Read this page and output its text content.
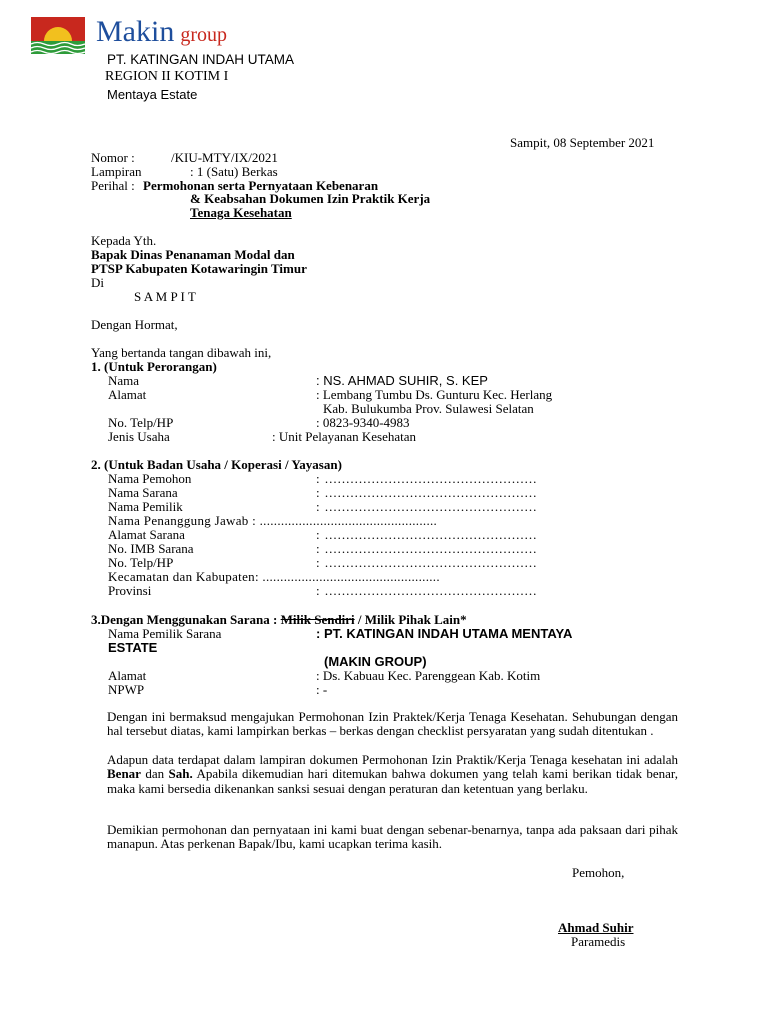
Makin group
PT. KATINGAN INDAH UTAMA
REGION II KOTIM I
Mentaya Estate
Sampit, 08 September 2021
Nomor :	/KIU-MTY/IX/2021
Lampiran	: 1 (Satu) Berkas
Perihal : Permohonan serta Pernyataan Kebenaran
& Keabsahan Dokumen Izin Praktik Kerja
Tenaga Kesehatan
Kepada Yth.
Bapak Dinas Penanaman Modal dan
PTSP Kabupaten Kotawaringin Timur
Di
S A M P I T
Dengan Hormat,
Yang bertanda tangan dibawah ini,
1. (Untuk Perorangan)
Nama	: NS. AHMAD SUHIR, S. KEP
Alamat	: Lembang Tumbu Ds. Gunturu Kec. Herlang
Kab. Bulukumba Prov. Sulawesi Selatan
No. Telp/HP	: 0823-9340-4983
Jenis Usaha	: Unit Pelayanan Kesehatan
2. (Untuk Badan Usaha / Koperasi / Yayasan)
Nama Pemohon	: ..................................................
Nama Sarana	: ..................................................
Nama Pemilik	: ..................................................
Nama Penanggung Jawab : ..................................................
Alamat Sarana	: ..................................................
No. IMB Sarana	: ..................................................
No. Telp/HP	: ..................................................
Kecamatan dan Kabupaten: ..................................................
Provinsi	: ..................................................
3.Dengan Menggunakan Sarana : Milik Sendiri / Milik Pihak Lain*
Nama Pemilik Sarana	: PT. KATINGAN INDAH UTAMA MENTAYA
ESTATE
(MAKIN GROUP)
Alamat	: Ds. Kabuau Kec. Parenggean Kab. Kotim
NPWP	: -
Dengan ini bermaksud mengajukan Permohonan Izin Praktek/Kerja Tenaga Kesehatan. Sehubungan dengan hal tersebut diatas, kami lampirkan berkas – berkas dengan checklist persyaratan yang sudah ditentukan .
Adapun data terdapat dalam lampiran dokumen Permohonan Izin Praktik/Kerja Tenaga kesehatan ini adalah Benar dan Sah. Apabila dikemudian hari ditemukan bahwa dokumen yang telah kami berikan tidak benar, maka kami bersedia dikenankan sanksi sesuai dengan peraturan dan ketentuan yang berlaku.
Demikian permohonan dan pernyataan ini kami buat dengan sebenar-benarnya, tanpa ada paksaan dari pihak manapun. Atas perkenan Bapak/Ibu, kami ucapkan terima kasih.
Pemohon,
Ahmad Suhir
Paramedis
